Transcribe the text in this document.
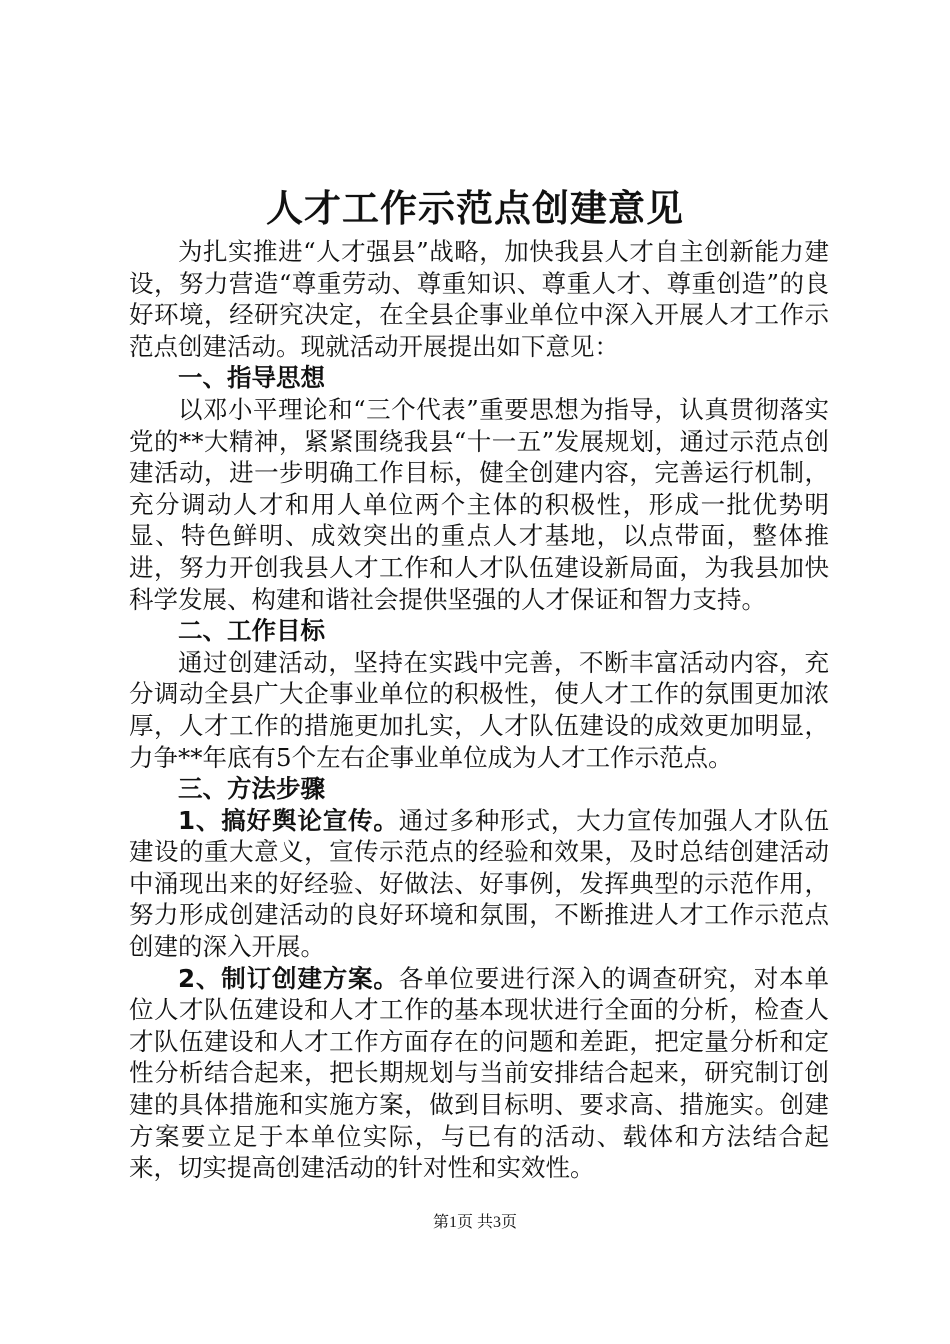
人才工作示范点创建意见

为扎实推进“人才强县”战略，加快我县人才自主创新能力建设，努力营造“尊重劳动、尊重知识、尊重人才、尊重创造”的良好环境，经研究决定，在全县企事业单位中深入开展人才工作示范点创建活动。现就活动开展提出如下意见：

一、指导思想

以邓小平理论和“三个代表”重要思想为指导，认真贯彻落实党的**大精神，紧紧围绕我县“十一五”发展规划，通过示范点创建活动，进一步明确工作目标，健全创建内容，完善运行机制，充分调动人才和用人单位两个主体的积极性，形成一批优势明显、特色鲜明、成效突出的重点人才基地，以点带面，整体推进，努力开创我县人才工作和人才队伍建设新局面，为我县加快科学发展、构建和谐社会提供坚强的人才保证和智力支持。

二、工作目标

通过创建活动，坚持在实践中完善，不断丰富活动内容，充分调动全县广大企事业单位的积极性，使人才工作的氛围更加浓厚，人才工作的措施更加扎实，人才队伍建设的成效更加明显，力争**年底有5个左右企事业单位成为人才工作示范点。

三、方法步骤

1、搞好舆论宣传。通过多种形式，大力宣传加强人才队伍建设的重大意义，宣传示范点的经验和效果，及时总结创建活动中涌现出来的好经验、好做法、好事例，发挥典型的示范作用，努力形成创建活动的良好环境和氛围，不断推进人才工作示范点创建的深入开展。

2、制订创建方案。各单位要进行深入的调查研究，对本单位人才队伍建设和人才工作的基本现状进行全面的分析，检查人才队伍建设和人才工作方面存在的问题和差距，把定量分析和定性分析结合起来，把长期规划与当前安排结合起来，研究制订创建的具体措施和实施方案，做到目标明、要求高、措施实。创建方案要立足于本单位实际，与已有的活动、载体和方法结合起来，切实提高创建活动的针对性和实效性。

第1页 共3页
